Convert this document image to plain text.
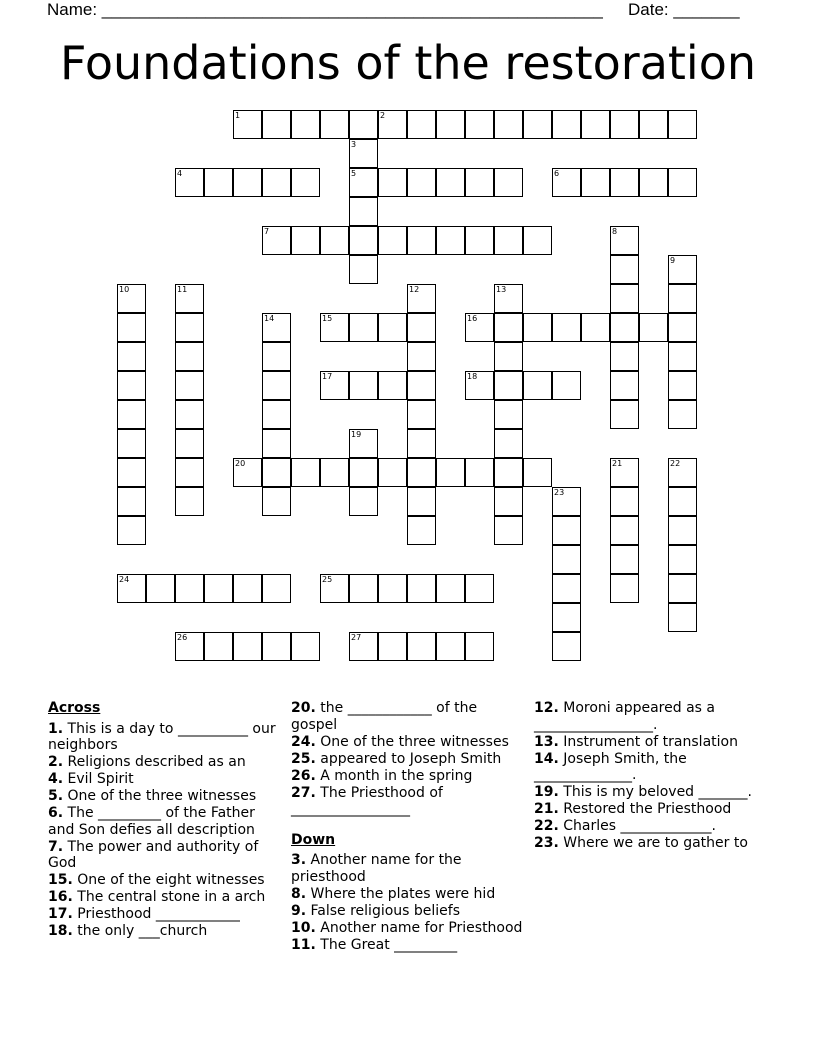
Name: _____________________________________________________ Date: _______
Foundations of the restoration
1	2
3
5
4	6
7	8
9
10	11	12	13
14	15	16
17	18
19
20	21	22
23
24	25
26	27
Across
1. This is a day to __________ our neighbors
2. Religions described as an
4. Evil Spirit
5. One of the three witnesses
6. The _________ of the Father and Son defies all description
7. The power and authority of God
15. One of the eight witnesses
16. The central stone in a arch
17. Priesthood ____________
18. the only ___church
20. the ____________ of the gospel
24. One of the three witnesses
25. appeared to Joseph Smith
26. A month in the spring
27. The Priesthood of _________________
Down
3. Another name for the priesthood
8. Where the plates were hid
9. False religious beliefs
10. Another name for Priesthood
11. The Great _________
12. Moroni appeared as a _________________.
13. Instrument of translation
14. Joseph Smith, the ______________.
19. This is my beloved _______.
21. Restored the Priesthood
22. Charles _____________.
23. Where we are to gather to
